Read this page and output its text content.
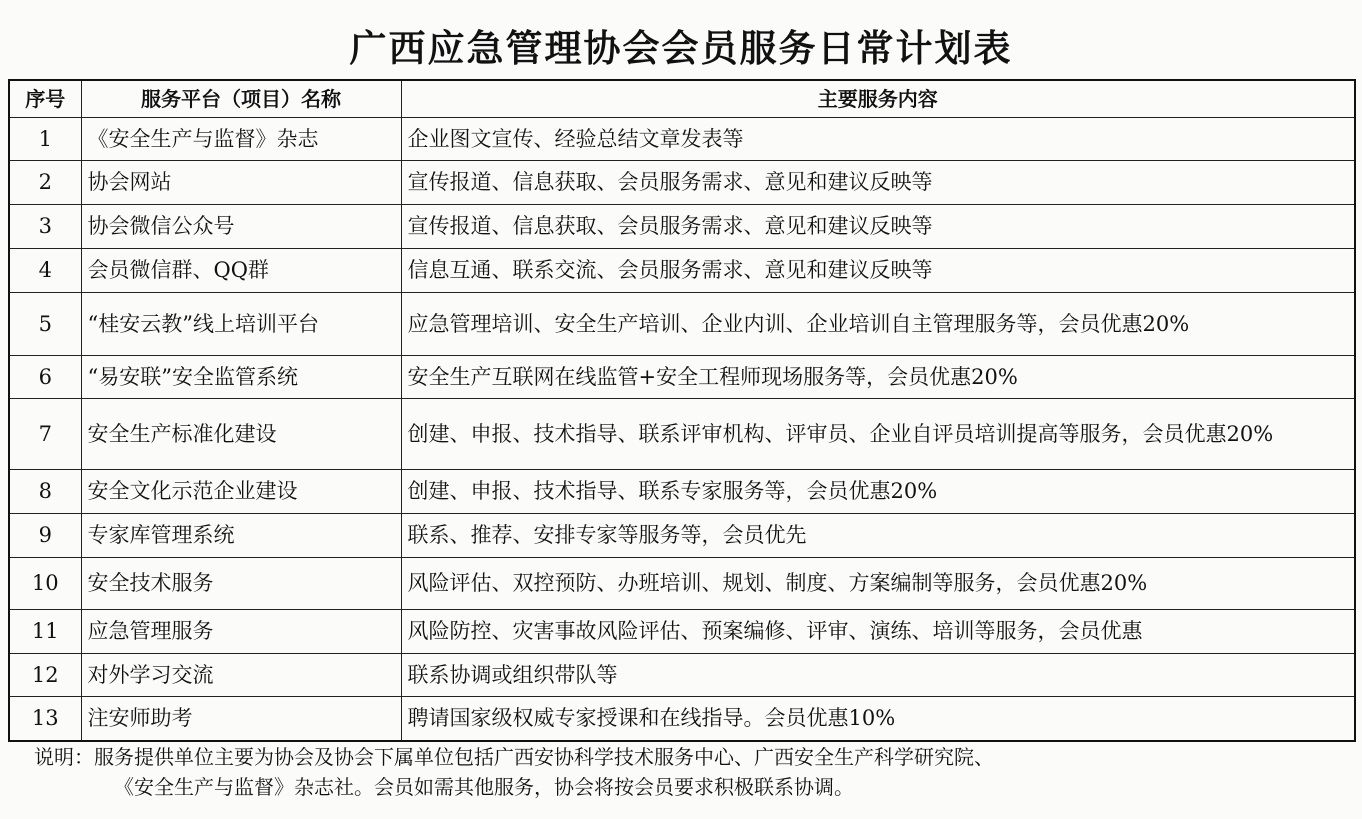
广西应急管理协会会员服务日常计划表
序号	服务平台（项目）名称	主要服务内容
1	《安全生产与监督》杂志	企业图文宣传、经验总结文章发表等
2	协会网站	宣传报道、信息获取、会员服务需求、意见和建议反映等
3	协会微信公众号	宣传报道、信息获取、会员服务需求、意见和建议反映等
4	会员微信群、QQ群	信息互通、联系交流、会员服务需求、意见和建议反映等
5	“桂安云教”线上培训平台	应急管理培训、安全生产培训、企业内训、企业培训自主管理服务等，会员优惠20%
6	“易安联”安全监管系统	安全生产互联网在线监管+安全工程师现场服务等，会员优惠20%
7	安全生产标准化建设	创建、申报、技术指导、联系评审机构、评审员、企业自评员培训提高等服务，会员优惠20%
8	安全文化示范企业建设	创建、申报、技术指导、联系专家服务等，会员优惠20%
9	专家库管理系统	联系、推荐、安排专家等服务等，会员优先
10	安全技术服务	风险评估、双控预防、办班培训、规划、制度、方案编制等服务，会员优惠20%
11	应急管理服务	风险防控、灾害事故风险评估、预案编修、评审、演练、培训等服务，会员优惠
12	对外学习交流	联系协调或组织带队等
13	注安师助考	聘请国家级权威专家授课和在线指导。会员优惠10%
说明：服务提供单位主要为协会及协会下属单位包括广西安协科学技术服务中心、广西安全生产科学研究院、
《安全生产与监督》杂志社。会员如需其他服务，协会将按会员要求积极联系协调。
